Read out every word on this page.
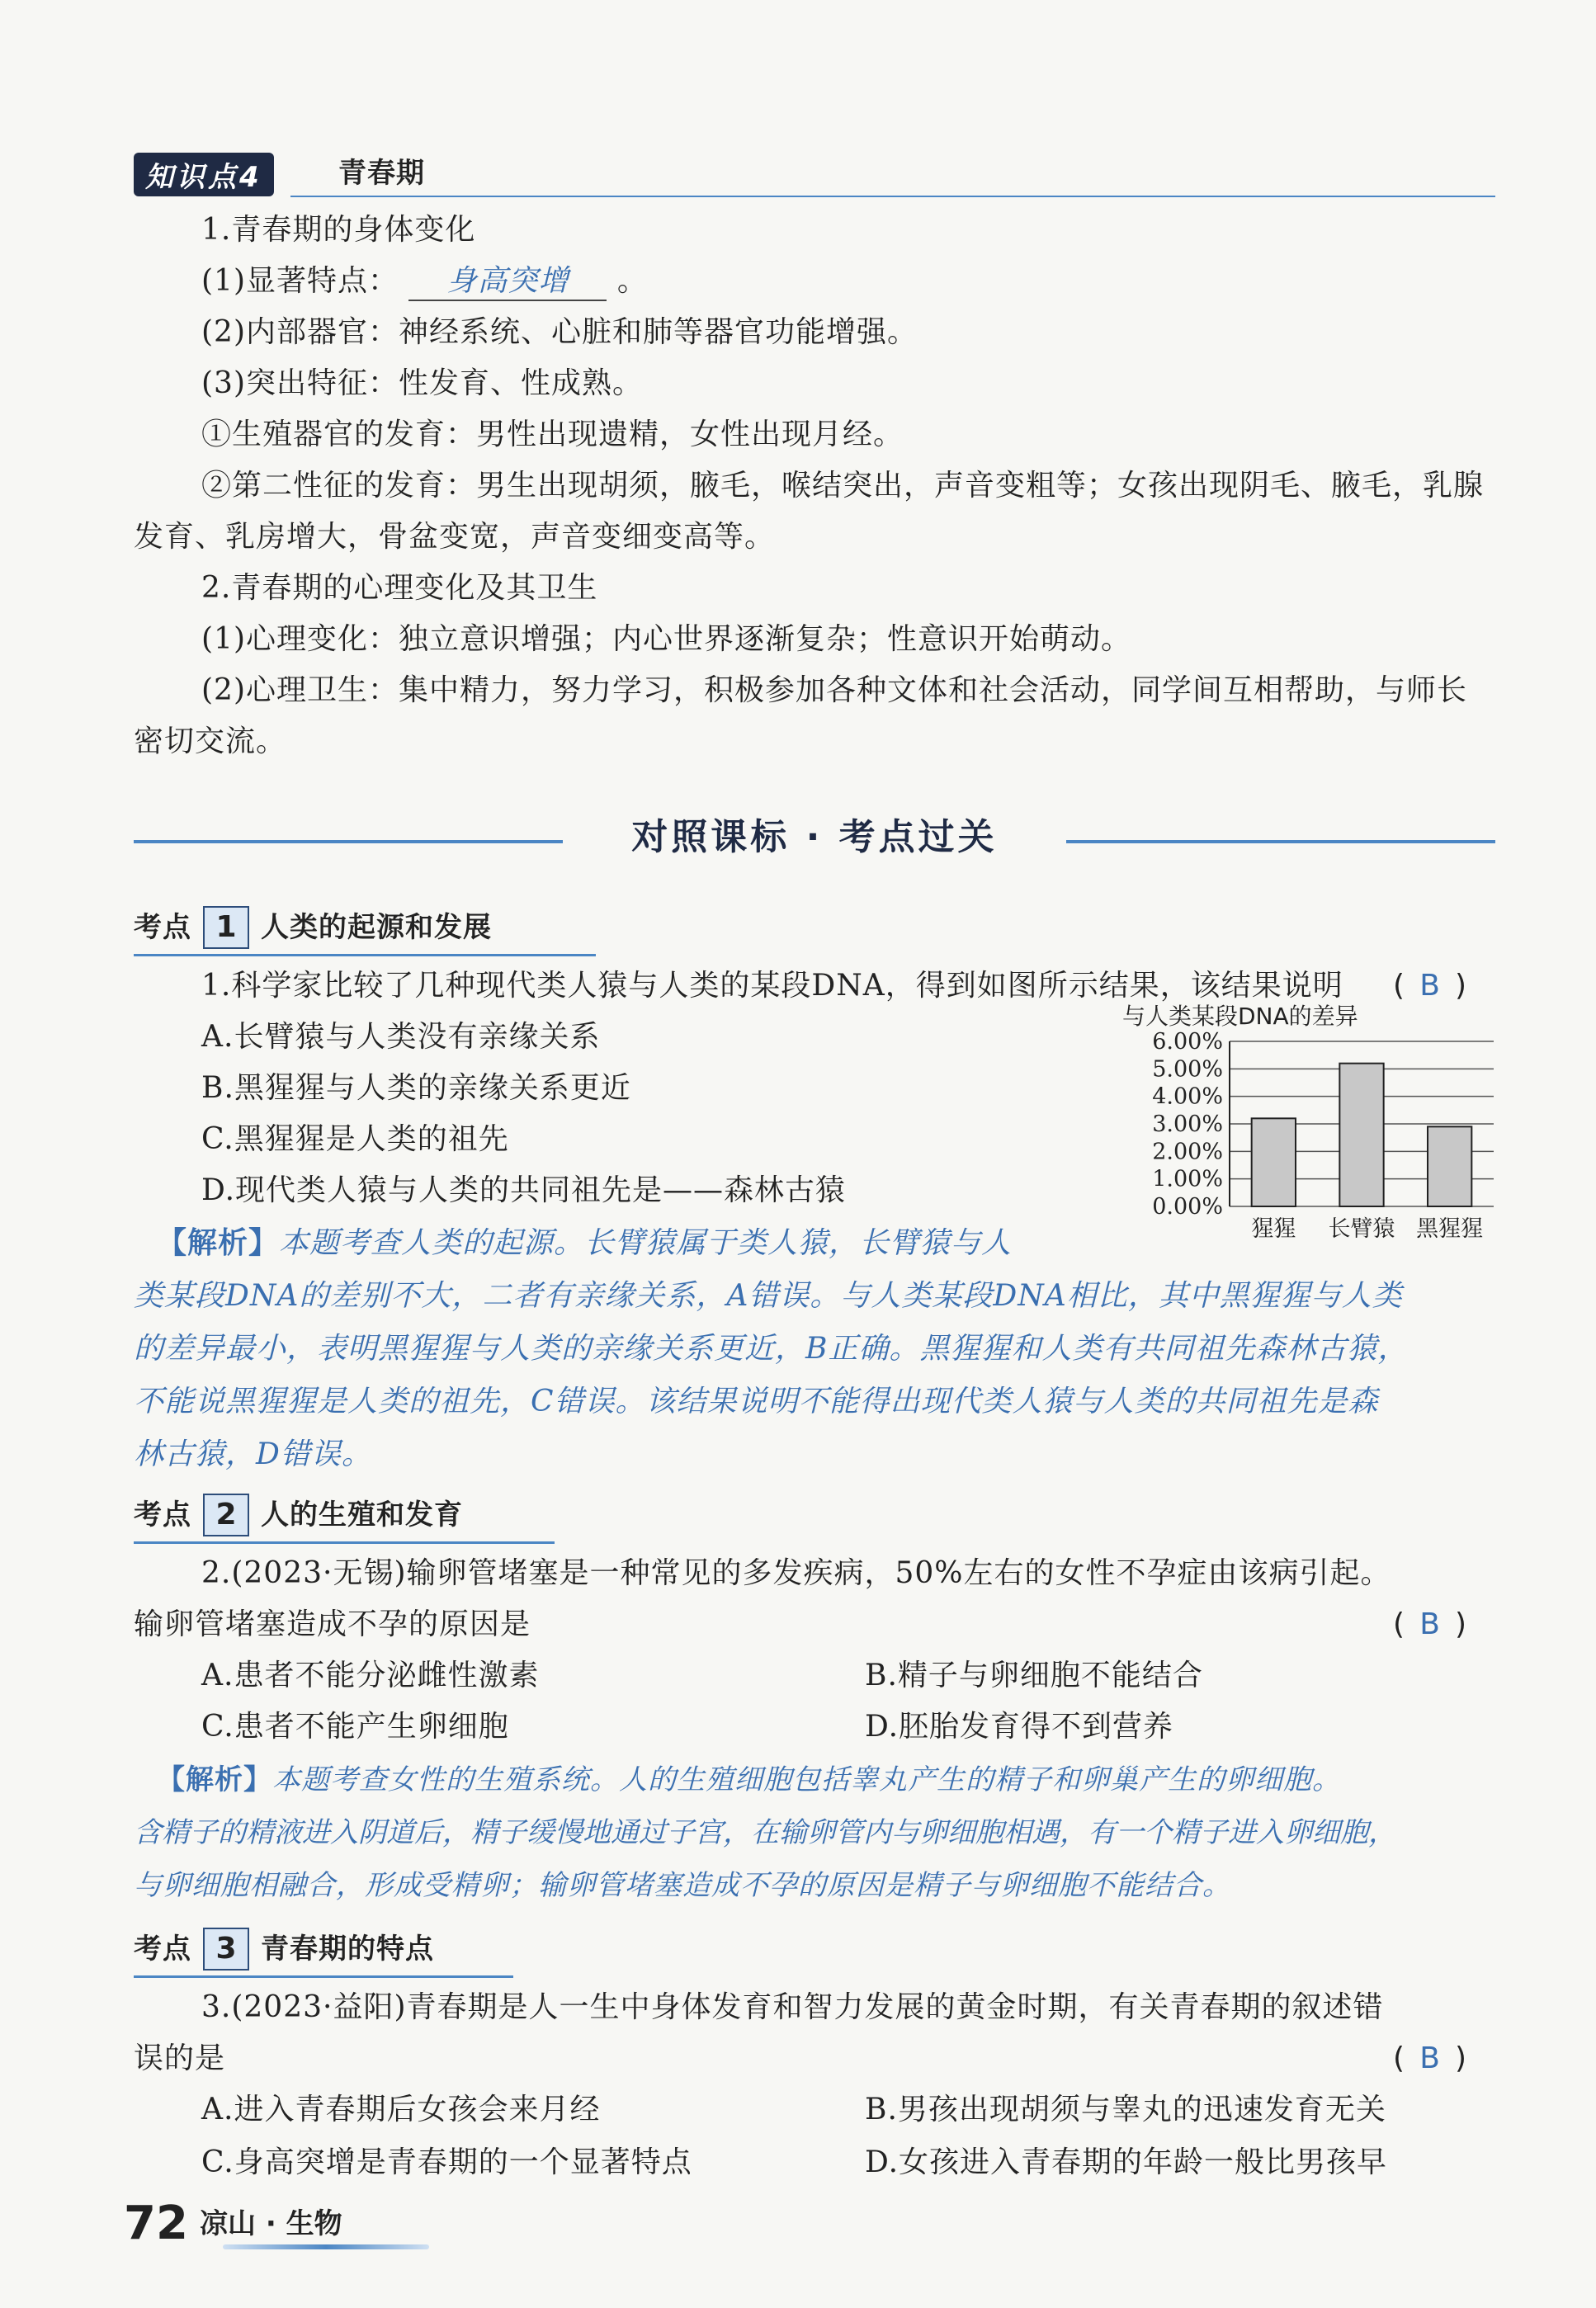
知识点4	青春期
1.青春期的身体变化
(1)显著特点： 身高突增 。
(2)内部器官：神经系统、心脏和肺等器官功能增强。
(3)突出特征：性发育、性成熟。
①生殖器官的发育：男性出现遗精，女性出现月经。
②第二性征的发育：男生出现胡须，腋毛，喉结突出，声音变粗等；女孩出现阴毛、腋毛，乳腺
发育、乳房增大，骨盆变宽，声音变细变高等。
2.青春期的心理变化及其卫生
(1)心理变化：独立意识增强；内心世界逐渐复杂；性意识开始萌动。
(2)心理卫生：集中精力，努力学习，积极参加各种文体和社会活动，同学间互相帮助，与师长
密切交流。
对照课标 · 考点过关
考点 1 人类的起源和发展
1.科学家比较了几种现代类人猿与人类的某段DNA，得到如图所示结果，该结果说明 ( B )
A.长臂猿与人类没有亲缘关系
B.黑猩猩与人类的亲缘关系更近
C.黑猩猩是人类的祖先
D.现代类人猿与人类的共同祖先是——森林古猿
与人类某段DNA的差异
0.00%
1.00%
2.00%
3.00%
4.00%
5.00%
6.00%
猩猩 长臂猿 黑猩猩
【解析】本题考查人类的起源。长臂猿属于类人猿，长臂猿与人
类某段DNA的差别不大，二者有亲缘关系，A错误。与人类某段DNA相比，其中黑猩猩与人类
的差异最小，表明黑猩猩与人类的亲缘关系更近，B正确。黑猩猩和人类有共同祖先森林古猿，
不能说黑猩猩是人类的祖先，C错误。该结果说明不能得出现代类人猿与人类的共同祖先是森
林古猿，D错误。
考点 2 人的生殖和发育
2.(2023·无锡)输卵管堵塞是一种常见的多发疾病，50%左右的女性不孕症由该病引起。
输卵管堵塞造成不孕的原因是	( B )
A.患者不能分泌雌性激素	B.精子与卵细胞不能结合
C.患者不能产生卵细胞	D.胚胎发育得不到营养
【解析】本题考查女性的生殖系统。人的生殖细胞包括睾丸产生的精子和卵巢产生的卵细胞。
含精子的精液进入阴道后，精子缓慢地通过子宫，在输卵管内与卵细胞相遇，有一个精子进入卵细胞，
与卵细胞相融合，形成受精卵；输卵管堵塞造成不孕的原因是精子与卵细胞不能结合。
考点 3 青春期的特点
3.(2023·益阳)青春期是人一生中身体发育和智力发展的黄金时期，有关青春期的叙述错
误的是	( B )
A.进入青春期后女孩会来月经	B.男孩出现胡须与睾丸的迅速发育无关
C.身高突增是青春期的一个显著特点	D.女孩进入青春期的年龄一般比男孩早
72 凉山 · 生物
